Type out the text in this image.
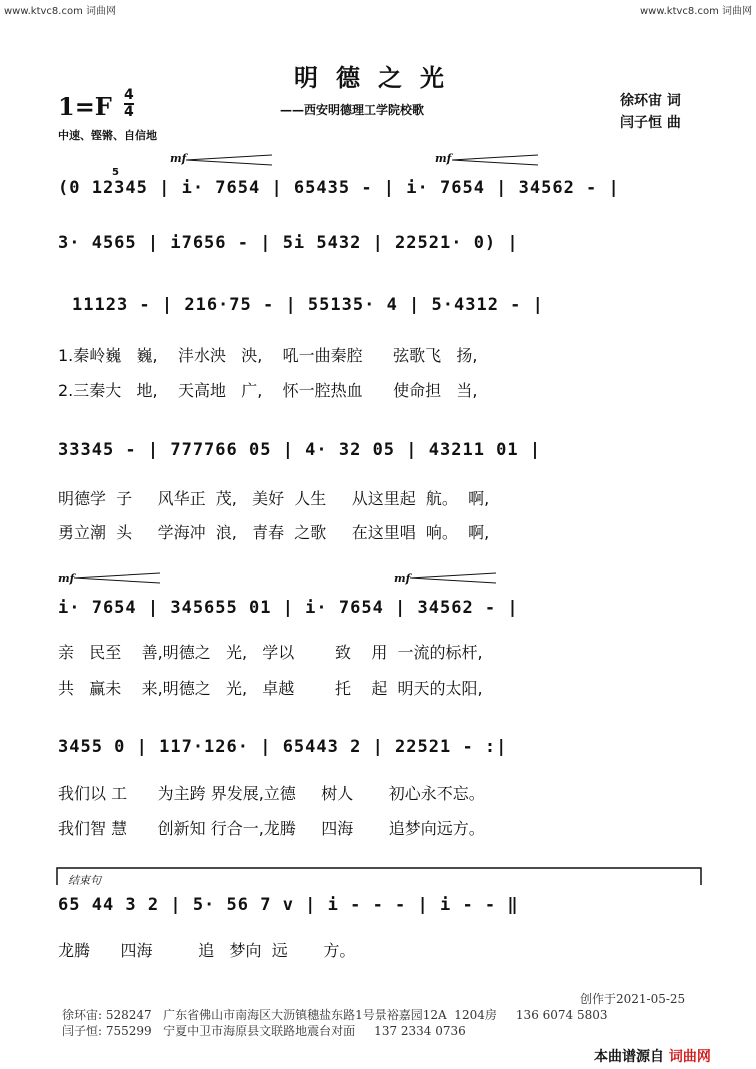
www.ktvc8.com 词曲网	www.ktvc8.com 词曲网
明德之光
——西安明德理工学院校歌
1=F 4
4
中速、铿锵、自信地
徐环宙 词
闫子恒 曲
mf	mf
5
(0 12345 | i· 7654 | 65435 - | i· 7654 | 34562 - |
3· 4565 | i7656 - | 5i 5432 | 22521· 0) |
11123 - | 216·75 - | 55135· 4 | 5·4312 - |
1.秦岭巍   巍,    沣水泱   泱,    吼一曲秦腔      弦歌飞   扬,
2.三秦大   地,    天高地   广,    怀一腔热血      使命担   当,
33345 - | 777766 05 | 4· 32 05 | 43211 01 |
明德学  子     风华正  茂,   美好  人生     从这里起  航。  啊,
勇立潮  头     学海冲  浪,   青春  之歌     在这里唱  响。  啊,
mf	mf
i· 7654 | 345655 01 | i· 7654 | 34562 - |
亲   民至    善,明德之   光,   学以        致    用  一流的标杆,
共   赢未    来,明德之   光,   卓越        托    起  明天的太阳,
3455 0 | 117·126· | 65443 2 | 22521 - :|
我们以 工      为主跨 界发展,立德     树人       初心永不忘。
我们智 慧      创新知 行合一,龙腾     四海       追梦向远方。
结束句
65 44 3 2 | 5· 56 7 v | i - - - | i - - ‖
龙腾      四海         追   梦向  远       方。
创作于2021-05-25
徐环宙: 528247   广东省佛山市南海区大沥镇穗盐东路1号景裕嘉园12A  1204房     136 6074 5803
闫子恒: 755299   宁夏中卫市海原县文联路地震台对面     137 2334 0736
本曲谱源自 词曲网
